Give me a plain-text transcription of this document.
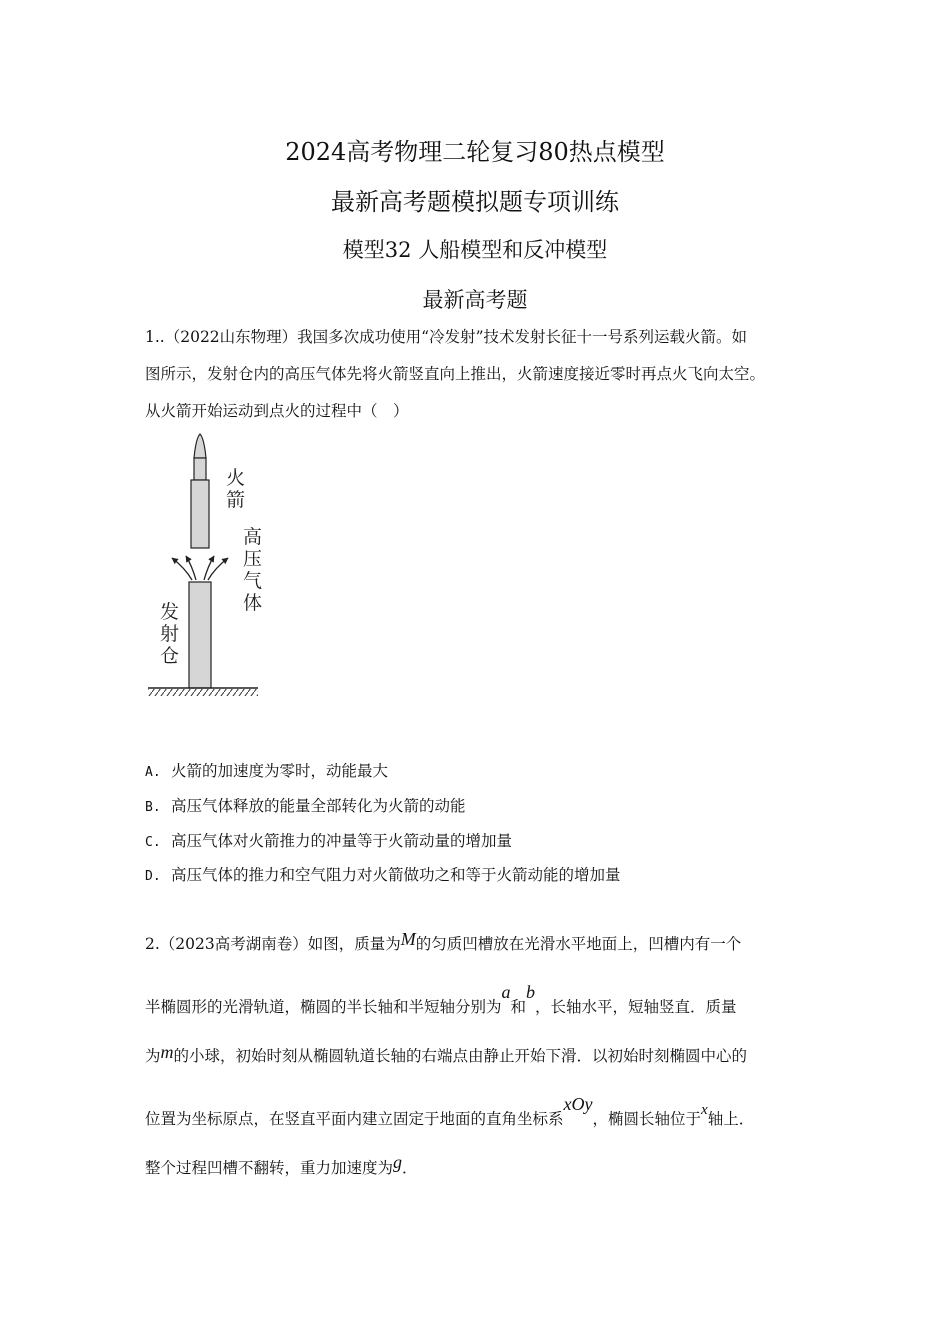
2024高考物理二轮复习80热点模型
最新高考题模拟题专项训练
模型32 人船模型和反冲模型
最新高考题
1..（2022山东物理）我国多次成功使用“冷发射”技术发射长征十一号系列运载火箭。如
图所示，发射仓内的高压气体先将火箭竖直向上推出，火箭速度接近零时再点火飞向太空。
从火箭开始运动到点火的过程中（　）
火
箭
高
压
气
体
发
射
仓
A. 火箭的加速度为零时，动能最大
B. 高压气体释放的能量全部转化为火箭的动能
C. 高压气体对火箭推力的冲量等于火箭动量的增加量
D. 高压气体的推力和空气阻力对火箭做功之和等于火箭动能的增加量
2.（2023高考湖南卷）如图，质量为M的匀质凹槽放在光滑水平地面上，凹槽内有一个
半椭圆形的光滑轨道，椭圆的半长轴和半短轴分别为a和b，长轴水平，短轴竖直．质量
为m的小球，初始时刻从椭圆轨道长轴的右端点由静止开始下滑．以初始时刻椭圆中心的
位置为坐标原点，在竖直平面内建立固定于地面的直角坐标系xOy，椭圆长轴位于x轴上．
整个过程凹槽不翻转，重力加速度为g．
